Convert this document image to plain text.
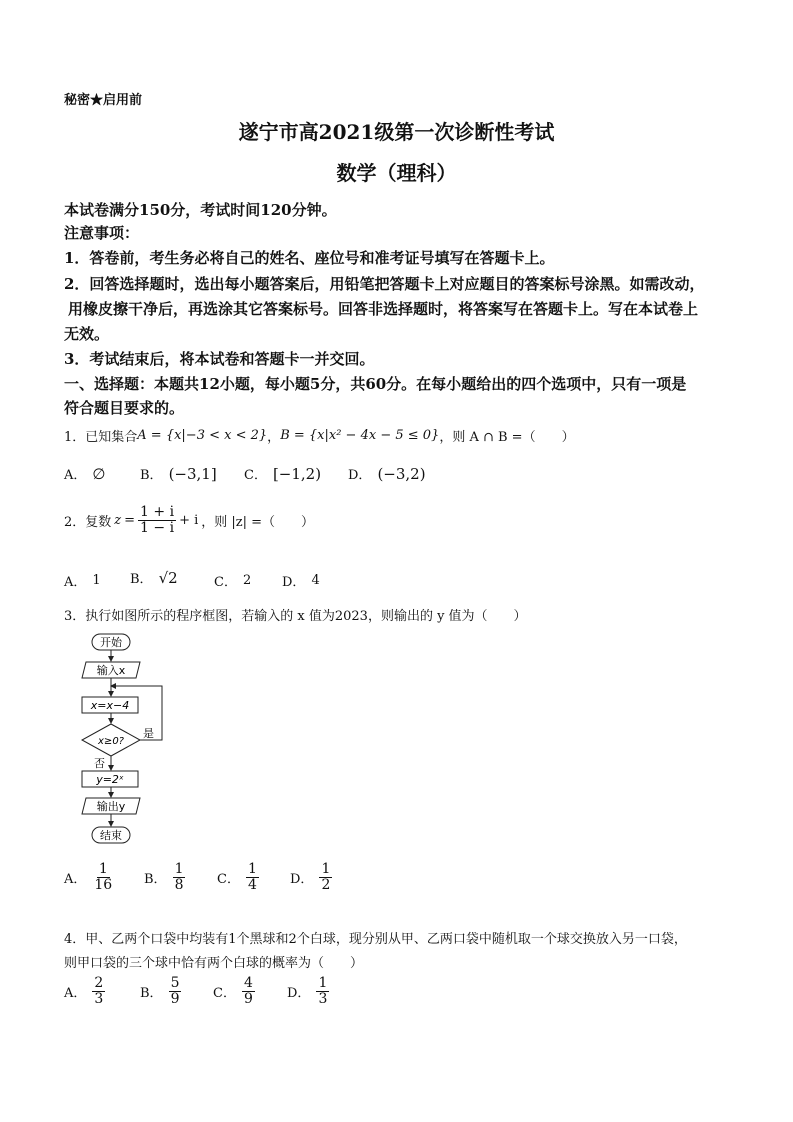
秘密★启用前
遂宁市高2021级第一次诊断性考试
数学（理科）
本试卷满分150分，考试时间120分钟。
注意事项：
1．答卷前，考生务必将自己的姓名、座位号和准考证号填写在答题卡上。
2．回答选择题时，选出每小题答案后，用铅笔把答题卡上对应题目的答案标号涂黑。如需改动，
用橡皮擦干净后，再选涂其它答案标号。回答非选择题时，将答案写在答题卡上。写在本试卷上
无效。
3．考试结束后，将本试卷和答题卡一并交回。
一、选择题：本题共12小题，每小题5分，共60分。在每小题给出的四个选项中，只有一项是
符合题目要求的。
1．已知集合 A = {x|−3 < x < 2} ， B = {x|x² − 4x − 5 ≤ 0} ，则 A ∩ B =（　　）
A． ∅	B． (−3,1] C． [−1,2) D． (−3,2)
2．复数 $z = \frac{1 + i}{1 - i} + i$ ，则 |z| =（　　）
A． 1 B． √2	C． 2 D． 4
3．执行如图所示的程序框图，若输入的 x 值为2023，则输出的 y 值为（　　）
开始
输入x
x=x−4
x≥0?
是
否
y=2ˣ
输出y
结束
A． $\frac{1}{16}$ B． $\frac{1}{8}$ C． $\frac{1}{4}$ D． $\frac{1}{2}$
4．甲、乙两个口袋中均装有1个黑球和2个白球，现分别从甲、乙两口袋中随机取一个球交换放入另一口袋，
则甲口袋的三个球中恰有两个白球的概率为（　　）
A． $\frac{2}{3}$	B． $\frac{5}{9}$ C． $\frac{4}{9}$ D． $\frac{1}{3}$
